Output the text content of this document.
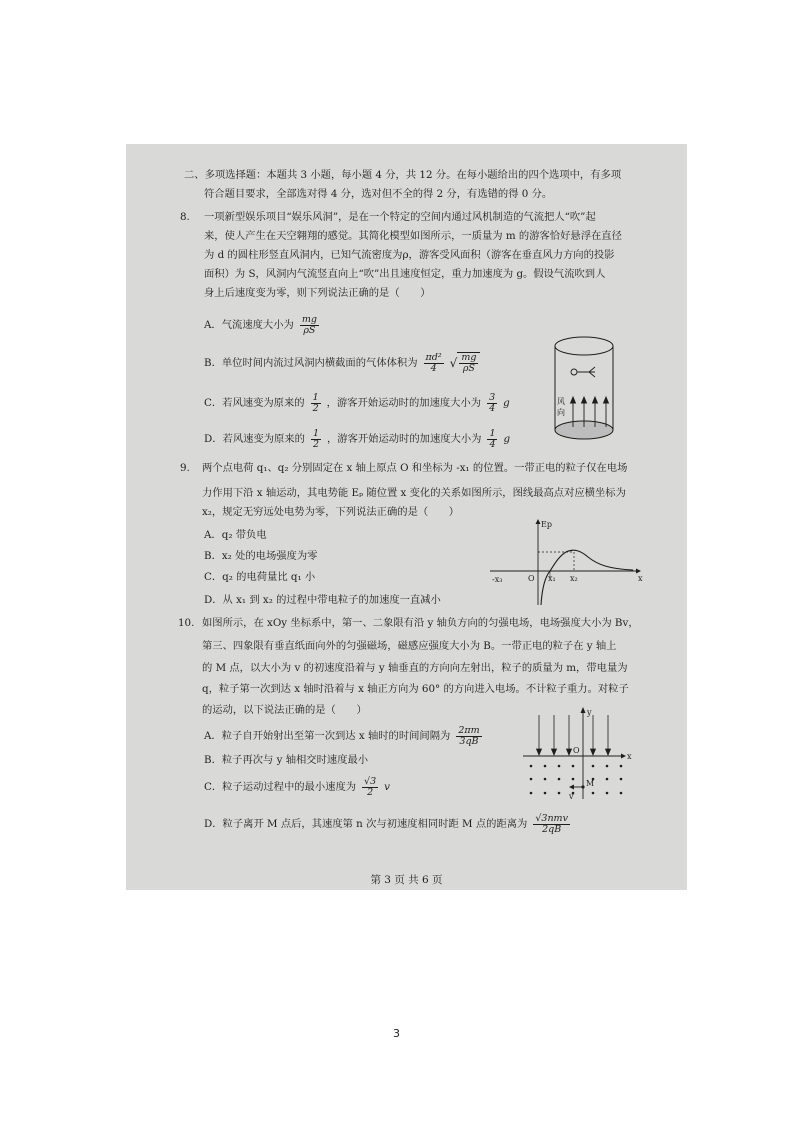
二、多项选择题：本题共 3 小题，每小题 4 分，共 12 分。在每小题给出的四个选项中，有多项
符合题目要求，全部选对得 4 分，选对但不全的得 2 分，有选错的得 0 分。
8. 一项新型娱乐项目“娱乐风洞”，是在一个特定的空间内通过风机制造的气流把人“吹”起
来，使人产生在天空翱翔的感觉。其简化模型如图所示，一质量为 m 的游客恰好悬浮在直径
为 d 的圆柱形竖直风洞内，已知气流密度为ρ，游客受风面积（游客在垂直风力方向的投影
面积）为 S，风洞内气流竖直向上“吹”出且速度恒定，重力加速度为 g。假设气流吹到人
身上后速度变为零，则下列说法正确的是（　　）
A．气流速度大小为 $\frac{mg}{\rho S}$
B．单位时间内流过风洞内横截面的气体体积为 $\frac{\text{πd²}}{4}$ √ $\frac{mg}{\rho S}$
C．若风速变为原来的 $\frac{1}{2}$ ，游客开始运动时的加速度大小为 $\frac{3}{4}$ g
D．若风速变为原来的 $\frac{1}{2}$ ，游客开始运动时的加速度大小为 $\frac{1}{4}$ g
风
向
9. 两个点电荷 q₁、q₂ 分别固定在 x 轴上原点 O 和坐标为 -x₁ 的位置。一带正电的粒子仅在电场
力作用下沿 x 轴运动，其电势能 Eₚ 随位置 x 变化的关系如图所示，图线最高点对应横坐标为
x₂，规定无穷远处电势为零，下列说法正确的是（　　）
A．q₂ 带负电
B．x₂ 处的电场强度为零
C．q₂ 的电荷量比 q₁ 小
D．从 x₁ 到 x₂ 的过程中带电粒子的加速度一直减小
Ep
x
-x₃	O x₁ x₂
10. 如图所示，在 xOy 坐标系中，第一、二象限有沿 y 轴负方向的匀强电场，电场强度大小为 Bv，
第三、四象限有垂直纸面向外的匀强磁场，磁感应强度大小为 B。一带正电的粒子在 y 轴上
的 M 点，以大小为 v 的初速度沿着与 y 轴垂直的方向向左射出，粒子的质量为 m，带电量为
q，粒子第一次到达 x 轴时沿着与 x 轴正方向为 60° 的方向进入电场。不计粒子重力。对粒子
的运动，以下说法正确的是（　　）
A．粒子自开始射出至第一次到达 x 轴时的时间间隔为 $\frac{2\pi m}{3qB}$
B．粒子再次与 y 轴相交时速度最小
C．粒子运动过程中的最小速度为 $\frac{√3}{2}$ v
D．粒子离开 M 点后，其速度第 n 次与初速度相同时距 M 点的距离为 $\frac{\text{√3nmv}}{2qB}$
y
x
O
M
v
第 3 页 共 6 页
3
